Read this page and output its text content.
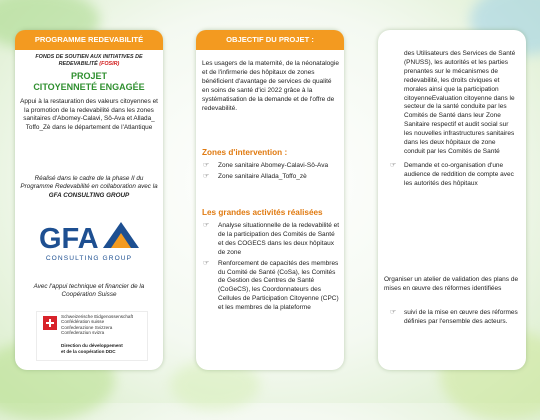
PROGRAMME REDEVABILITÉ
FONDS DE SOUTIEN AUX INITIATIVES DE
REDEVABILITÉ (FOSIR)
PROJET
CITOYENNETÉ ENGAGÉE
Appui à la restauration des valeurs citoyennes et la promotion de la redevabilité dans les zones sanitaires d'Abomey-Calavi, Sô-Ava et Allada_ Toffo_Zè dans le département de l'Atlantique
Réalisé dans le cadre de la phase II du Programme Redevabilité en collaboration avec la GFA CONSULTING GROUP
GFA
CONSULTING GROUP
Avec l'appui technique et financier de la Coopération Suisse
Schweizerische Eidgenossenschaft
Confédération suisse
Confederazione Svizzera
Confederaziun svizra
Direction du développement
et de la coopération DDC
OBJECTIF DU PROJET :
Les usagers de la maternité, de la néonatalogie et de l'infirmerie des hôpitaux de zones bénéficient d'avantage de services de qualité en soins de santé d'ici 2022 grâce à la systématisation de la demande et de l'offre de redevabilité.
Zones d'intervention :
☞ Zone sanitaire Abomey-Calavi-Sô-Ava
☞ Zone sanitaire Allada_Toffo_zè
Les grandes activités réalisées
☞ Analyse situationnelle de la redevabilité et de la participation des Comités de Santé et des COGECS dans les deux hôpitaux de zone
☞ Renforcement de capacités des membres du Comité de Santé (CoSa), les Comités de Gestion des Centres de Santé (CoGeCS), les Coordonnateurs des Cellules de Participation Citoyenne (CPC) et les membres de la plateforme
des Utilisateurs des Services de Santé (PNUSS), les autorités et les parties prenantes sur le mécanismes de redevabilité, les droits civiques et morales ainsi que la participation citoyenneEvaluation citoyenne dans le secteur de la santé conduite par les Comités de Santé dans leur Zone Sanitaire respectif et audit social sur les nouvelles infrastructures sanitaires dans les deux hôpitaux de zone conduit par les Comités de Santé
☞ Demande et co-organisation d'une audience de reddition de compte avec les autorités des hôpitaux
Organiser un atelier de validation des plans de mises en œuvre des réformes identifiées
☞ suivi de la mise en œuvre des réformes définies par l'ensemble des acteurs.
